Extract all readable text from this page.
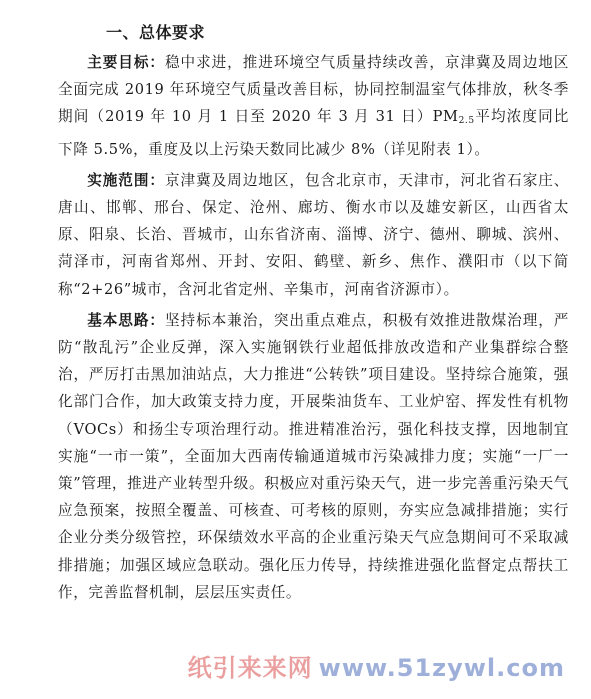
一、总体要求

主要目标：稳中求进，推进环境空气质量持续改善，京津冀及周边地区全面完成 2019 年环境空气质量改善目标，协同控制温室气体排放，秋冬季期间（2019 年 10 月 1 日至 2020 年 3 月 31 日）$PM_{2.5}$平均浓度同比下降 5.5%，重度及以上污染天数同比减少 8%（详见附表 1）。

实施范围：京津冀及周边地区，包含北京市，天津市，河北省石家庄、唐山、邯郸、邢台、保定、沧州、廊坊、衡水市以及雄安新区，山西省太原、阳泉、长治、晋城市，山东省济南、淄博、济宁、德州、聊城、滨州、菏泽市，河南省郑州、开封、安阳、鹤壁、新乡、焦作、濮阳市（以下简称“2+26”城市，含河北省定州、辛集市，河南省济源市）。

基本思路：坚持标本兼治，突出重点难点，积极有效推进散煤治理，严防“散乱污”企业反弹，深入实施钢铁行业超低排放改造和产业集群综合整治，严厉打击黑加油站点，大力推进“公转铁”项目建设。坚持综合施策，强化部门合作，加大政策支持力度，开展柴油货车、工业炉窑、挥发性有机物（VOCs）和扬尘专项治理行动。推进精准治污，强化科技支撑，因地制宜实施“一市一策”，全面加大西南传输通道城市污染减排力度；实施“一厂一策”管理，推进产业转型升级。积极应对重污染天气，进一步完善重污染天气应急预案，按照全覆盖、可核查、可考核的原则，夯实应急减排措施；实行企业分类分级管控，环保绩效水平高的企业重污染天气应急期间可不采取减排措施；加强区域应急联动。强化压力传导，持续推进强化监督定点帮扶工作，完善监督机制，层层压实责任。

纸引来来网 www.51zywl.com
